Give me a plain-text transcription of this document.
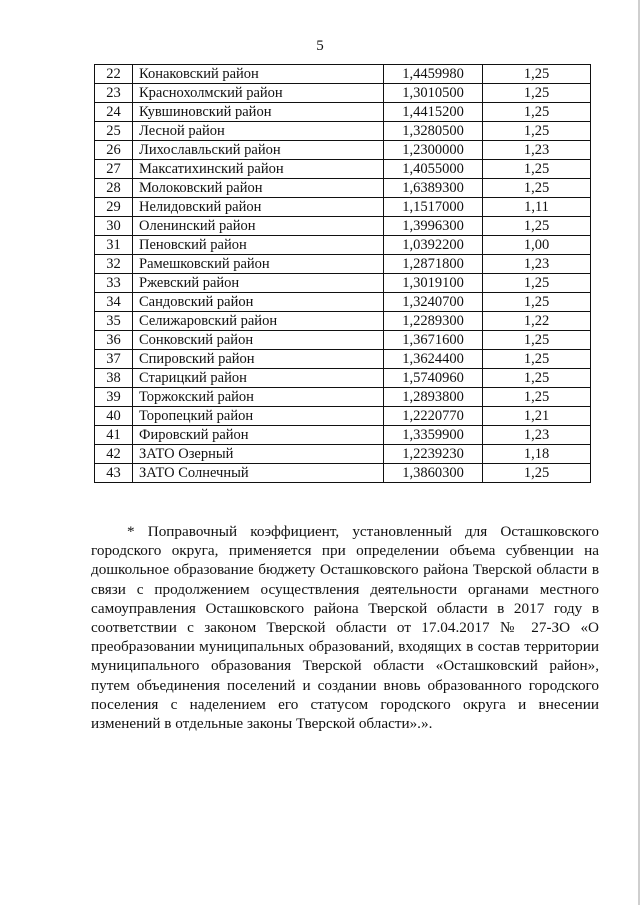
5
22	Конаковский район	1,4459980	1,25
23	Краснохолмский район	1,3010500	1,25
24	Кувшиновский район	1,4415200	1,25
25	Лесной район	1,3280500	1,25
26	Лихославльский район	1,2300000	1,23
27	Максатихинский район	1,4055000	1,25
28	Молоковский район	1,6389300	1,25
29	Нелидовский район	1,1517000	1,11
30	Оленинский район	1,3996300	1,25
31	Пеновский район	1,0392200	1,00
32	Рамешковский район	1,2871800	1,23
33	Ржевский район	1,3019100	1,25
34	Сандовский район	1,3240700	1,25
35	Селижаровский район	1,2289300	1,22
36	Сонковский район	1,3671600	1,25
37	Спировский район	1,3624400	1,25
38	Старицкий район	1,5740960	1,25
39	Торжокский район	1,2893800	1,25
40	Торопецкий район	1,2220770	1,21
41	Фировский район	1,3359900	1,23
42	ЗАТО Озерный	1,2239230	1,18
43	ЗАТО Солнечный	1,3860300	1,25

* Поправочный коэффициент, установленный для Осташковского городского округа, применяется при определении объема субвенции на дошкольное образование бюджету Осташковского района Тверской области в связи с продолжением осуществления деятельности органами местного самоуправления Осташковского района Тверской области в 2017 году в соответствии с законом Тверской области от 17.04.2017 № 27-ЗО «О преобразовании муниципальных образований, входящих в состав территории муниципального образования Тверской области «Осташковский район», путем объединения поселений и создании вновь образованного городского поселения с наделением его статусом городского округа и внесении изменений в отдельные законы Тверской области».».
